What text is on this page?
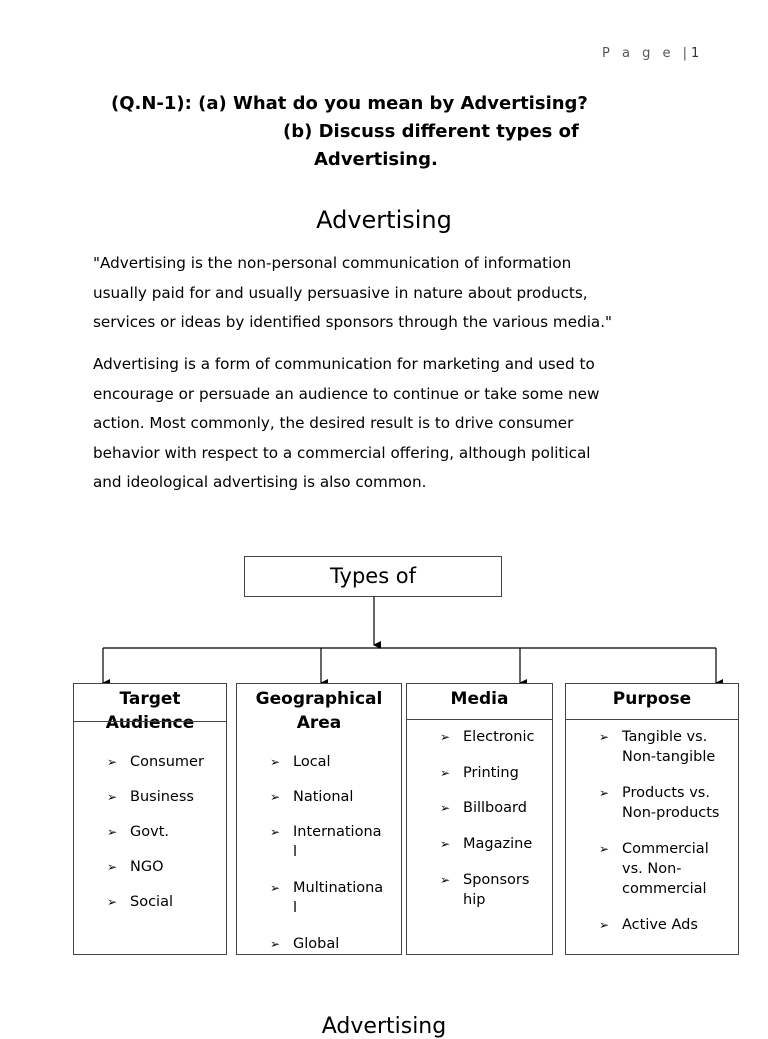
P a g e |1
(Q.N-1): (a) What do you mean by Advertising?
(b) Discuss different types of
Advertising.
Advertising
"Advertising is the non-personal communication of information
usually paid for and usually persuasive in nature about products,
services or ideas by identified sponsors through the various media."
Advertising is a form of communication for marketing and used to
encourage or persuade an audience to continue or take some new
action. Most commonly, the desired result is to drive consumer
behavior with respect to a commercial offering, although political
and ideological advertising is also common.
Types of
Target
Audience
➢ Consumer
➢ Business
➢ Govt.
➢ NGO
➢ Social
Geographical
Area
➢ Local
➢ National
➢ Internationa
l
➢ Multinationa
l
➢ Global
Media
➢ Electronic
➢ Printing
➢ Billboard
➢ Magazine
➢ Sponsors
hip
Purpose
➢ Tangible vs.
Non-tangible
➢ Products vs.
Non-products
➢ Commercial
vs. Non-
commercial
➢ Active Ads
Advertising
